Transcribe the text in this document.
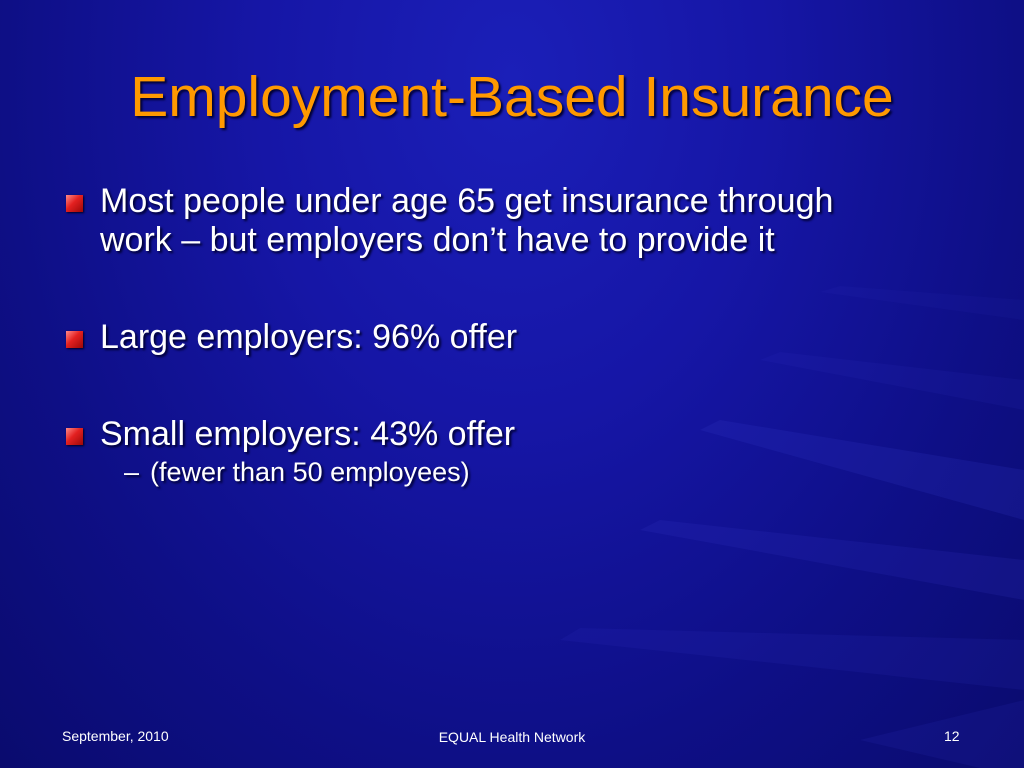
Employment-Based Insurance
Most people under age 65 get insurance through
work – but employers don’t have to provide it
Large employers: 96% offer
Small employers: 43% offer
– (fewer than 50 employees)
September, 2010	EQUAL Health Network	12
